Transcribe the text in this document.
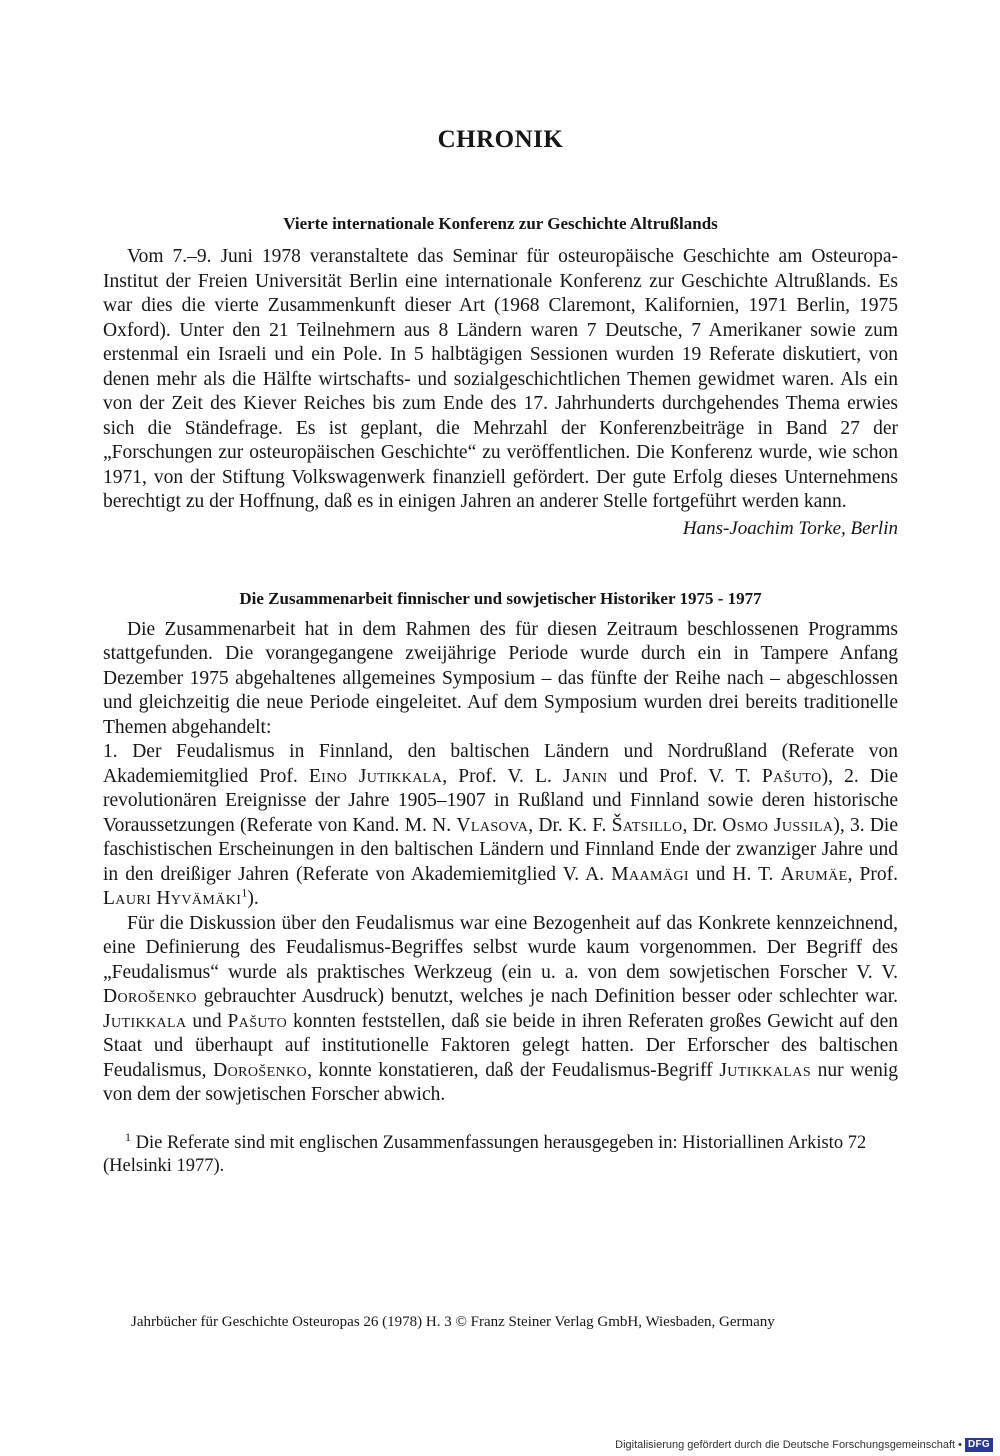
CHRONIK
Vierte internationale Konferenz zur Geschichte Altrußlands

Vom 7.–9. Juni 1978 veranstaltete das Seminar für osteuropäische Geschichte am Osteuropa-Institut der Freien Universität Berlin eine internationale Konferenz zur Geschichte Altrußlands. Es war dies die vierte Zusammenkunft dieser Art (1968 Claremont, Kalifornien, 1971 Berlin, 1975 Oxford). Unter den 21 Teilnehmern aus 8 Ländern waren 7 Deutsche, 7 Amerikaner sowie zum erstenmal ein Israeli und ein Pole. In 5 halbtägigen Sessionen wurden 19 Referate diskutiert, von denen mehr als die Hälfte wirtschafts- und sozialgeschichtlichen Themen gewidmet waren. Als ein von der Zeit des Kiever Reiches bis zum Ende des 17. Jahrhunderts durchgehendes Thema erwies sich die Ständefrage. Es ist geplant, die Mehrzahl der Konferenzbeiträge in Band 27 der „Forschungen zur osteuropäischen Geschichte“ zu veröffentlichen. Die Konferenz wurde, wie schon 1971, von der Stiftung Volkswagenwerk finanziell gefördert. Der gute Erfolg dieses Unternehmens berechtigt zu der Hoffnung, daß es in einigen Jahren an anderer Stelle fortgeführt werden kann.

Hans-Joachim Torke, Berlin

Die Zusammenarbeit finnischer und sowjetischer Historiker 1975 - 1977
Die Zusammenarbeit hat in dem Rahmen des für diesen Zeitraum beschlossenen Programms stattgefunden. Die vorangegangene zweijährige Periode wurde durch ein in Tampere Anfang Dezember 1975 abgehaltenes allgemeines Symposium – das fünfte der Reihe nach – abgeschlossen und gleichzeitig die neue Periode eingeleitet. Auf dem Symposium wurden drei bereits traditionelle Themen abgehandelt:
1. Der Feudalismus in Finnland, den baltischen Ländern und Nordrußland (Referate von Akademiemitglied Prof. Eino Jutikkala, Prof. V. L. Janin und Prof. V. T. Pašuto), 2. Die revolutionären Ereignisse der Jahre 1905–1907 in Rußland und Finnland sowie deren historische Voraussetzungen (Referate von Kand. M. N. Vlasova, Dr. K. F. Šatsillo, Dr. Osmo Jussila), 3. Die faschistischen Erscheinungen in den baltischen Ländern und Finnland Ende der zwanziger Jahre und in den dreißiger Jahren (Referate von Akademiemitglied V. A. Maamägi und H. T. Arumäe, Prof. Lauri Hyvämäki$^1$).

Für die Diskussion über den Feudalismus war eine Bezogenheit auf das Konkrete kennzeichnend, eine Definierung des Feudalismus-Begriffes selbst wurde kaum vorgenommen. Der Begriff des „Feudalismus“ wurde als praktisches Werkzeug (ein u. a. von dem sowjetischen Forscher V. V. Dorošenko gebrauchter Ausdruck) benutzt, welches je nach Definition besser oder schlechter war. Jutikkala und Pašuto konnten feststellen, daß sie beide in ihren Referaten großes Gewicht auf den Staat und überhaupt auf institutionelle Faktoren gelegt hatten. Der Erforscher des baltischen Feudalismus, Dorošenko, konnte konstatieren, daß der Feudalismus-Begriff Jutikkalas nur wenig von dem der sowjetischen Forscher abwich.

$^1$ Die Referate sind mit englischen Zusammenfassungen herausgegeben in: Historiallinen Arkisto 72 (Helsinki 1977).
Jahrbücher für Geschichte Osteuropas 26 (1978) H. 3 © Franz Steiner Verlag GmbH, Wiesbaden, Germany
Digitalisierung gefördert durch die Deutsche Forschungsgemeinschaft • DFG
